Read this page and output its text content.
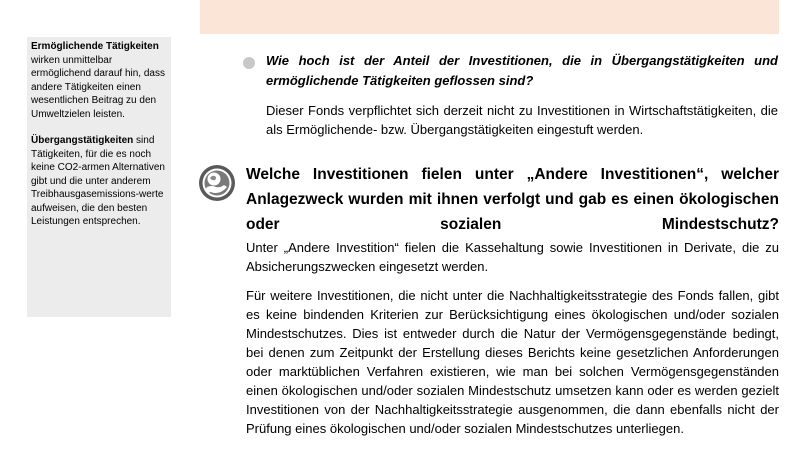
Ermöglichende Tätigkeiten wirken unmittelbar ermöglichend darauf hin, dass andere Tätigkeiten einen wesentlichen Beitrag zu den Umweltzielen leisten.

Übergangstätigkeiten sind Tätigkeiten, für die es noch keine CO2-armen Alternativen gibt und die unter anderem Treibhausgasemissions-werte aufweisen, die den besten Leistungen entsprechen.

Wie hoch ist der Anteil der Investitionen, die in Übergangstätigkeiten und ermöglichende Tätigkeiten geflossen sind?
Dieser Fonds verpflichtet sich derzeit nicht zu Investitionen in Wirtschaftstätigkeiten, die als Ermöglichende- bzw. Übergangstätigkeiten eingestuft werden.
Welche Investitionen fielen unter „Andere Investitionen“, welcher Anlagezweck wurden mit ihnen verfolgt und gab es einen ökologischen oder sozialen Mindestschutz?
Unter „Andere Investition“ fielen die Kassehaltung sowie Investitionen in Derivate, die zu Absicherungszwecken eingesetzt werden.
Für weitere Investitionen, die nicht unter die Nachhaltigkeitsstrategie des Fonds fallen, gibt es keine bindenden Kriterien zur Berücksichtigung eines ökologischen und/oder sozialen Mindestschutzes. Dies ist entweder durch die Natur der Vermögensgegenstände bedingt, bei denen zum Zeitpunkt der Erstellung dieses Berichts keine gesetzlichen Anforderungen oder marktüblichen Verfahren existieren, wie man bei solchen Vermögensgegenständen einen ökologischen und/oder sozialen Mindestschutz umsetzen kann oder es werden gezielt Investitionen von der Nachhaltigkeitsstrategie ausgenommen, die dann ebenfalls nicht der Prüfung eines ökologischen und/oder sozialen Mindestschutzes unterliegen.
